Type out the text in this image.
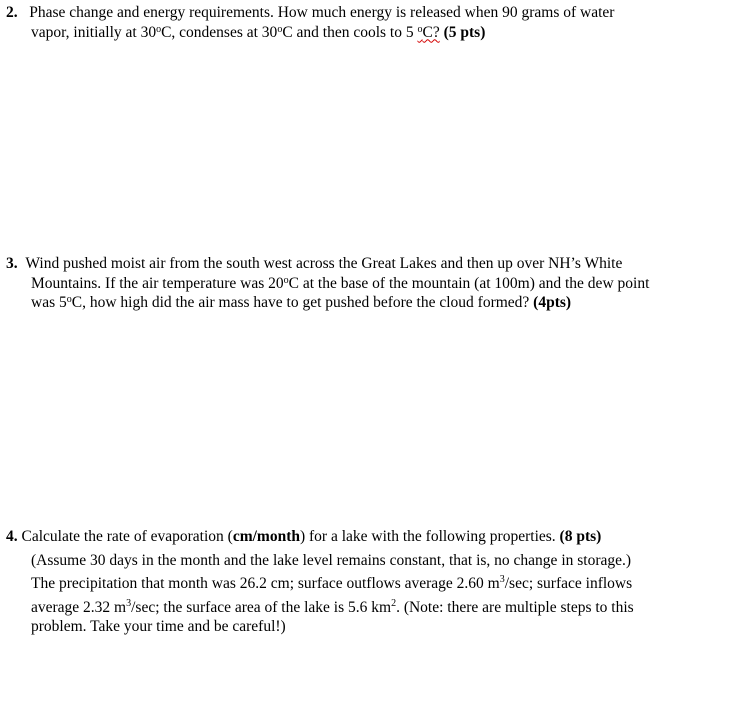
2. Phase change and energy requirements. How much energy is released when 90 grams of water
vapor, initially at 30$^o$C, condenses at 30$^o$C and then cools to 5 $^o$C? (5 pts)
3. Wind pushed moist air from the south west across the Great Lakes and then up over NH’s White
Mountains. If the air temperature was 20$^o$C at the base of the mountain (at 100m) and the dew point
was 5$^o$C, how high did the air mass have to get pushed before the cloud formed? (4pts)
4. Calculate the rate of evaporation (cm/month) for a lake with the following properties. (8 pts)
(Assume 30 days in the month and the lake level remains constant, that is, no change in storage.)
The precipitation that month was 26.2 cm; surface outflows average 2.60 $m^3/\sec$; surface inflows
average 2.32 $m^3/\sec$; the surface area of the lake is 5.6 $km^2$. (Note: there are multiple steps to this
problem. Take your time and be careful!)
